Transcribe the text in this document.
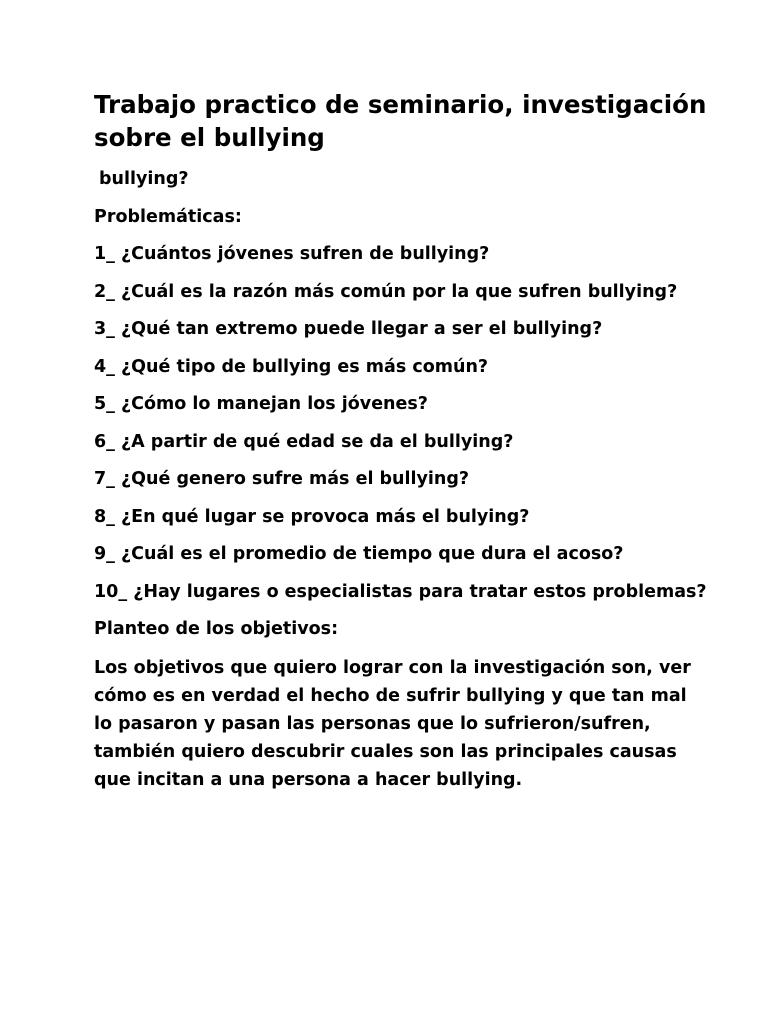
Trabajo practico de seminario, investigación sobre el bullying
bullying?
Problemáticas:
1_ ¿Cuántos jóvenes sufren de bullying?
2_ ¿Cuál es la razón más común por la que sufren bullying?
3_ ¿Qué tan extremo puede llegar a ser el bullying?
4_ ¿Qué tipo de bullying es más común?
5_ ¿Cómo lo manejan los jóvenes?
6_ ¿A partir de qué edad se da el bullying?
7_ ¿Qué genero sufre más el bullying?
8_ ¿En qué lugar se provoca más el bulying?
9_ ¿Cuál es el promedio de tiempo que dura el acoso?
10_ ¿Hay lugares o especialistas para tratar estos problemas?
Planteo de los objetivos:
Los objetivos que quiero lograr con la investigación son, ver cómo es en verdad el hecho de sufrir bullying y que tan mal lo pasaron y pasan las personas que lo sufrieron/sufren, también quiero descubrir cuales son las principales causas que incitan a una persona a hacer bullying.
